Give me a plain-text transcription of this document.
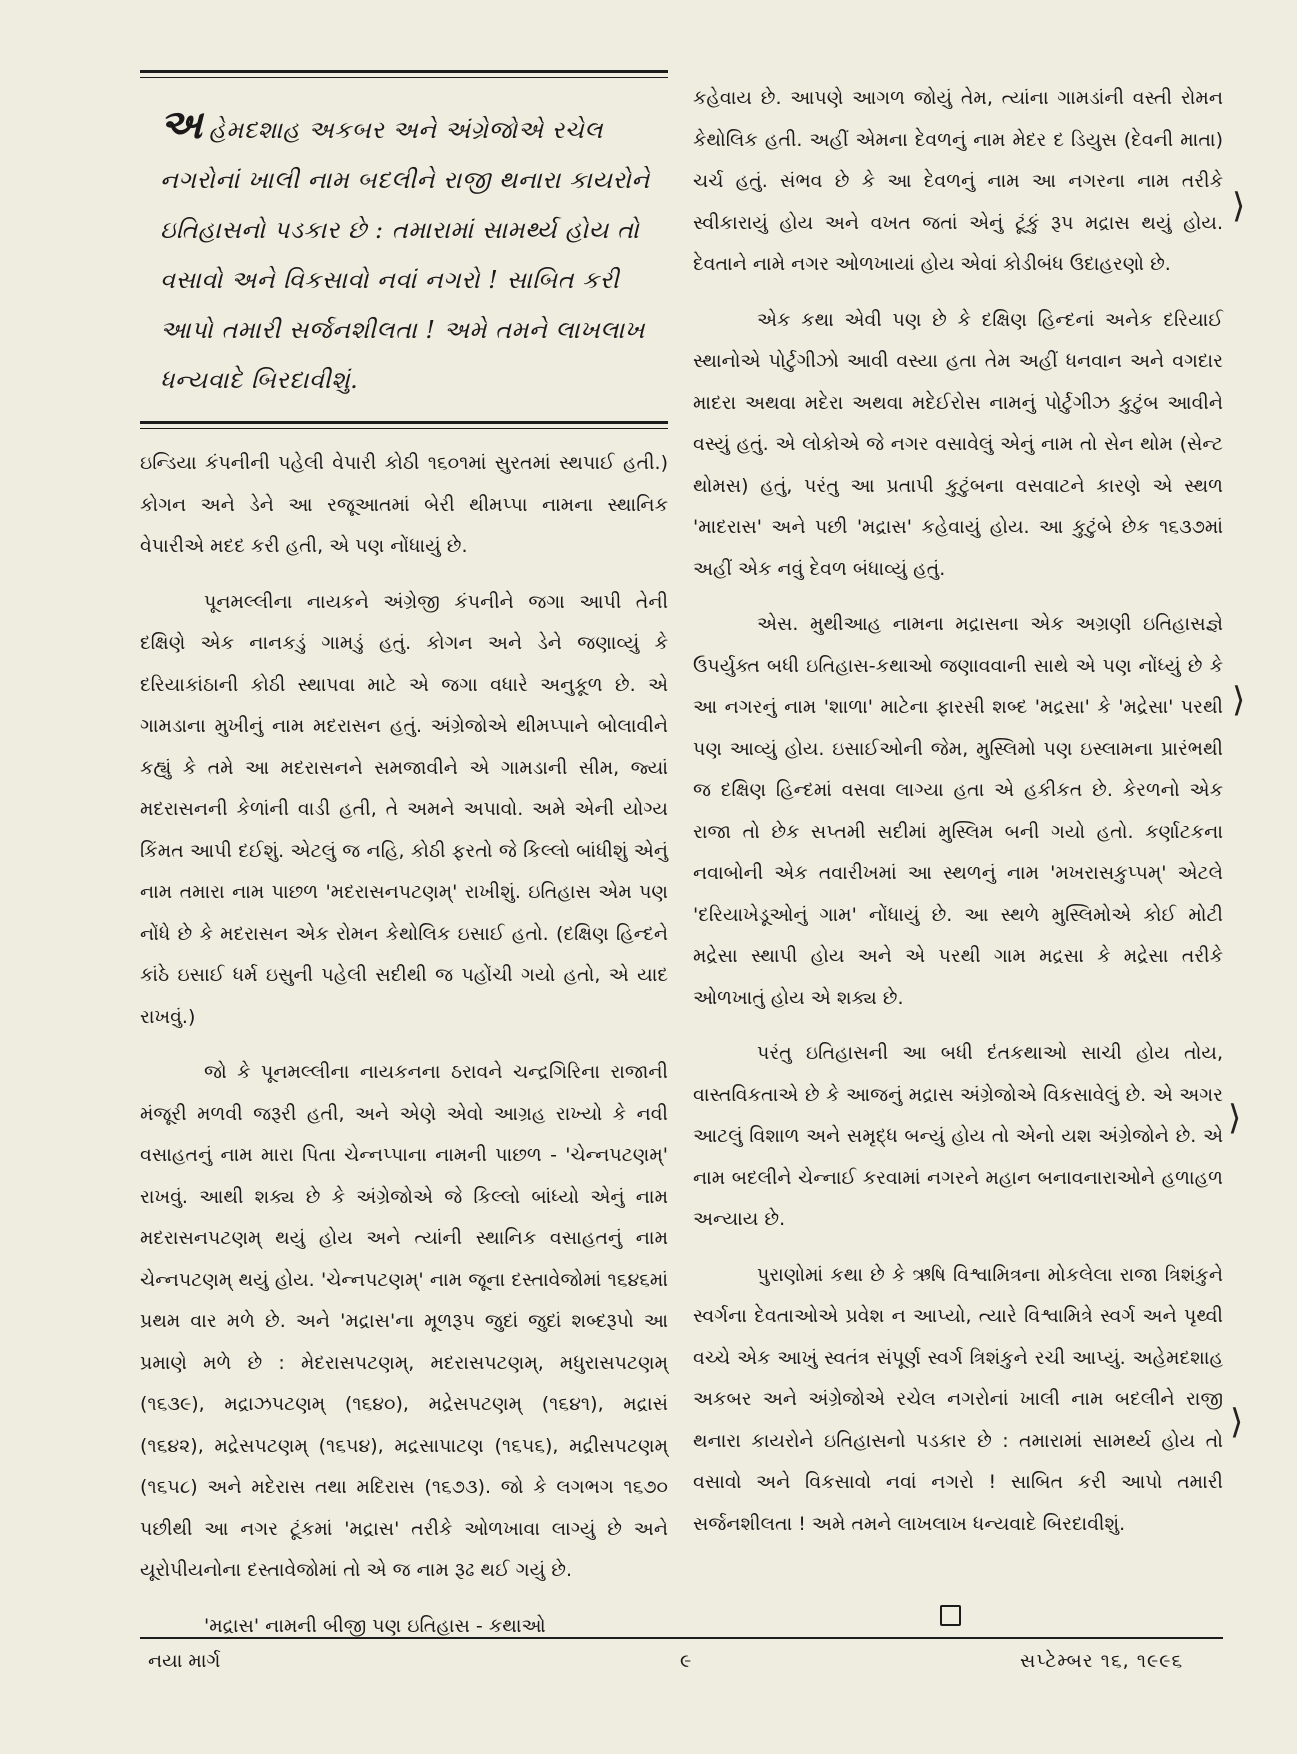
અહેમદશાહ અકબર અને અંગ્રેજોએ રચેલ નગરોનાં ખાલી નામ બદલીને રાજી થનારા કાયરોને ઇતિહાસનો પડકાર છે : તમારામાં સામર્થ્ય હોય તો વસાવો અને વિકસાવો નવાં નગરો ! સાબિત કરી આપો તમારી સર્જનશીલતા ! અમે તમને લાખલાખ ધન્યવાદે બિરદાવીશું.

ઇન્ડિયા કંપનીની પહેલી વેપારી કોઠી ૧૬૦૧માં સુરતમાં સ્થપાઈ હતી.) કોગન અને ડેને આ રજૂઆતમાં બેરી થીમપ્પા નામના સ્થાનિક વેપારીએ મદદ કરી હતી, એ પણ નોંધાયું છે.

પૂનમલ્લીના નાયકને અંગ્રેજી કંપનીને જગા આપી તેની દક્ષિણે એક નાનકડું ગામડું હતું. કોગન અને ડેને જણાવ્યું કે દરિયાકાંઠાની કોઠી સ્થાપવા માટે એ જગા વધારે અનુકૂળ છે. એ ગામડાના મુખીનું નામ મદરાસન હતું. અંગ્રેજોએ થીમપ્પાને બોલાવીને કહ્યું કે તમે આ મદરાસનને સમજાવીને એ ગામડાની સીમ, જ્યાં મદરાસનની કેળાંની વાડી હતી, તે અમને અપાવો. અમે એની યોગ્ય કિંમત આપી દઈશું. એટલું જ નહિ, કોઠી ફરતો જે કિલ્લો બાંધીશું એનું નામ તમારા નામ પાછળ 'મદરાસનપટણમ્' રાખીશું. ઇતિહાસ એમ પણ નોંધે છે કે મદરાસન એક રોમન કેથોલિક ઇસાઈ હતો. (દક્ષિણ હિન્દને કાંઠે ઇસાઈ ધર્મ ઇસુની પહેલી સદીથી જ પહોંચી ગયો હતો, એ યાદ રાખવું.)

જો કે પૂનમલ્લીના નાયકનના ઠરાવને ચન્દ્રગિરિના રાજાની મંજૂરી મળવી જરૂરી હતી, અને એણે એવો આગ્રહ રાખ્યો કે નવી વસાહતનું નામ મારા પિતા ચેન્નપ્પાના નામની પાછળ - 'ચેન્નપટણમ્' રાખવું. આથી શક્ય છે કે અંગ્રેજોએ જે કિલ્લો બાંધ્યો એનું નામ મદરાસનપટણમ્ થયું હોય અને ત્યાંની સ્થાનિક વસાહતનું નામ ચેન્નપટણમ્ થયું હોય. 'ચેન્નપટણમ્' નામ જૂના દસ્તાવેજોમાં ૧૬૪૬માં પ્રથમ વાર મળે છે. અને 'મદ્રાસ'ના મૂળરૂપ જુદાં જુદાં શબ્દરૂપો આ પ્રમાણે મળે છે : મેદરાસપટણમ્, મદરાસપટણમ્, મધુરાસપટણમ્ (૧૬૩૯), મદ્રાઝપટણમ્ (૧૬૪૦), મદ્રેસપટણમ્ (૧૬૪૧), મદ્રાસં (૧૬૪૨), મદ્રેસપટણમ્ (૧૬૫૪), મદ્રસાપાટણ (૧૬૫૬), મદ્રીસપટણમ્ (૧૬૫૮) અને મદેરાસ તથા મદિરાસ (૧૬૭૩). જો કે લગભગ ૧૬૭૦ પછીથી આ નગર ટૂંકમાં 'મદ્રાસ' તરીકે ઓળખાવા લાગ્યું છે અને યૂરોપીયનોના દસ્તાવેજોમાં તો એ જ નામ રૂઢ થઈ ગયું છે.

'મદ્રાસ' નામની બીજી પણ ઇતિહાસ - કથાઓ

કહેવાય છે. આપણે આગળ જોયું તેમ, ત્યાંના ગામડાંની વસ્તી રોમન કેથોલિક હતી. અહીં એમના દેવળનું નામ મેદર દ ડિયુસ (દેવની માતા) ચર્ચ હતું. સંભવ છે કે આ દેવળનું નામ આ નગરના નામ તરીકે સ્વીકારાયું હોય અને વખત જતાં એનું ટૂંકું રૂપ મદ્રાસ થયું હોય. દેવતાને નામે નગર ઓળખાયાં હોય એવાં કોડીબંધ ઉદાહરણો છે.

એક કથા એવી પણ છે કે દક્ષિણ હિન્દનાં અનેક દરિયાઈ સ્થાનોએ પોર્ટુગીઝો આવી વસ્યા હતા તેમ અહીં ધનવાન અને વગદાર માદરા અથવા મદેરા અથવા મદેઈરોસ નામનું પોર્ટુગીઝ કુટુંબ આવીને વસ્યું હતું. એ લોકોએ જે નગર વસાવેલું એનું નામ તો સેન થોમ (સેન્ટ થોમસ) હતું, પરંતુ આ પ્રતાપી કુટુંબના વસવાટને કારણે એ સ્થળ 'માદરાસ' અને પછી 'મદ્રાસ' કહેવાયું હોય. આ કુટુંબે છેક ૧૬૩૭માં અહીં એક નવું દેવળ બંધાવ્યું હતું.

એસ. મુથીઆહ નામના મદ્રાસના એક અગ્રણી ઇતિહાસજ્ઞે ઉપર્યુક્ત બધી ઇતિહાસ-કથાઓ જણાવવાની સાથે એ પણ નોંધ્યું છે કે આ નગરનું નામ 'શાળા' માટેના ફારસી શબ્દ 'મદ્રસા' કે 'મદ્રેસા' પરથી પણ આવ્યું હોય. ઇસાઈઓની જેમ, મુસ્લિમો પણ ઇસ્લામના પ્રારંભથી જ દક્ષિણ હિન્દમાં વસવા લાગ્યા હતા એ હકીકત છે. કેરળનો એક રાજા તો છેક સપ્તમી સદીમાં મુસ્લિમ બની ગયો હતો. કર્ણાટકના નવાબોની એક તવારીખમાં આ સ્થળનું નામ 'મખરાસકુપ્પમ્' એટલે 'દરિયાખેડૂઓનું ગામ' નોંધાયું છે. આ સ્થળે મુસ્લિમોએ કોઈ મોટી મદ્રેસા સ્થાપી હોય અને એ પરથી ગામ મદ્રસા કે મદ્રેસા તરીકે ઓળખાતું હોય એ શક્ય છે.

પરંતુ ઇતિહાસની આ બધી દંતકથાઓ સાચી હોય તોય, વાસ્તવિકતાએ છે કે આજનું મદ્રાસ અંગ્રેજોએ વિકસાવેલું છે. એ અગર આટલું વિશાળ અને સમૃદ્ધ બન્યું હોય તો એનો યશ અંગ્રેજોને છે. એ નામ બદલીને ચેન્નાઈ કરવામાં નગરને મહાન બનાવનારાઓને હળાહળ અન્યાય છે.

પુરાણોમાં કથા છે કે ઋષિ વિશ્વામિત્રના મોકલેલા રાજા ત્રિશંકુને સ્વર્ગના દેવતાઓએ પ્રવેશ ન આપ્યો, ત્યારે વિશ્વામિત્રે સ્વર્ગ અને પૃથ્વી વચ્ચે એક આખું સ્વતંત્ર સંપૂર્ણ સ્વર્ગ ત્રિશંકુને રચી આપ્યું. અહેમદશાહ અકબર અને અંગ્રેજોએ રચેલ નગરોનાં ખાલી નામ બદલીને રાજી થનારા કાયરોને ઇતિહાસનો પડકાર છે : તમારામાં સામર્થ્ય હોય તો વસાવો અને વિકસાવો નવાં નગરો ! સાબિત કરી આપો તમારી સર્જનશીલતા ! અમે તમને લાખલાખ ધન્યવાદે બિરદાવીશું.

⟩
⟩
⟩
⟩
નયા માર્ગ	૯	સપ્ટેમ્બર ૧૬, ૧૯૯૬
